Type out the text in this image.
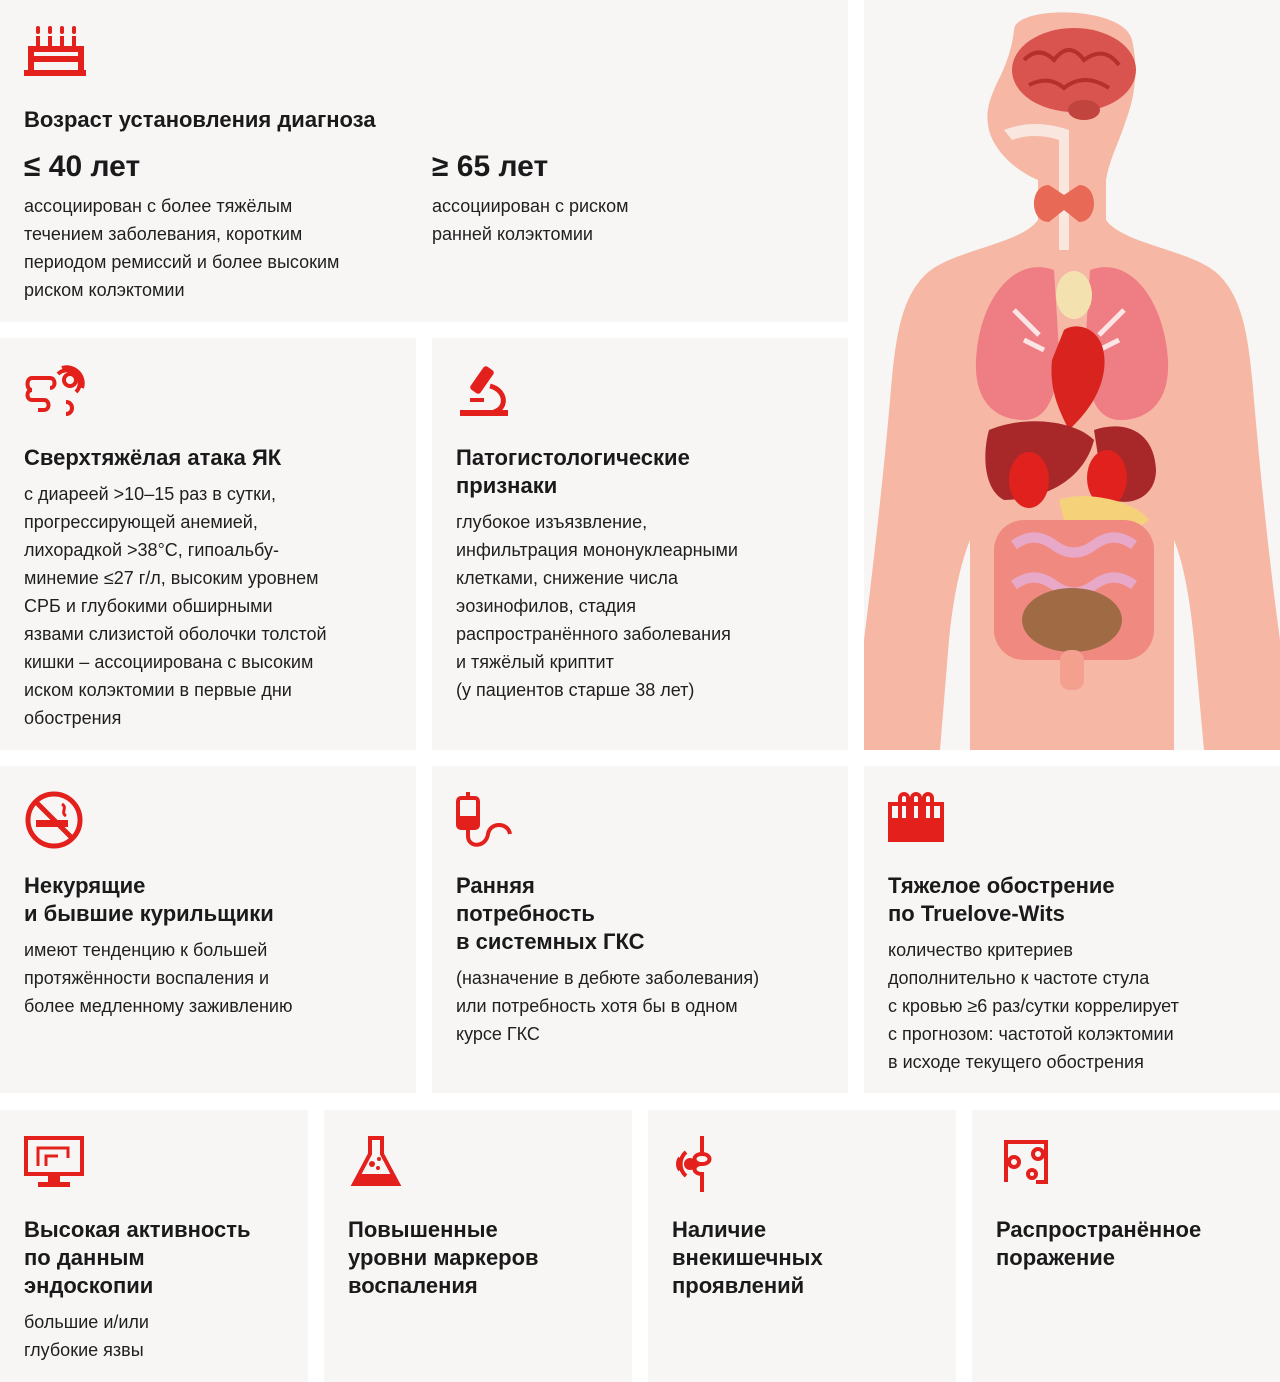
Возраст установления диагноза
≤ 40 лет
ассоциирован с более тяжёлым
течением заболевания, коротким
периодом ремиссий и более высоким
риском колэктомии
≥ 65 лет
ассоциирован с риском
ранней колэктомии
Сверхтяжёлая атака ЯК
с диареей >10–15 раз в сутки,
прогрессирующей анемией,
лихорадкой >38°C, гипоальбу-
минемие ≤27 г/л, высоким уровнем
СРБ и глубокими обширными
язвами слизистой оболочки толстой
кишки – ассоциирована с высоким
иском колэктомии в первые дни
обострения
Патогистологические
признаки
глубокое изъязвление,
инфильтрация мононуклеарными
клетками, снижение числа
эозинофилов, стадия
распространённого заболевания
и тяжёлый криптит
(у пациентов старше 38 лет)
Некурящие
и бывшие курильщики
имеют тенденцию к большей
протяжённости воспаления и
более медленному заживлению
Ранняя
потребность
в системных ГКС
(назначение в дебюте заболевания)
или потребность хотя бы в одном
курсе ГКС
Тяжелое обострение
по Truelove-Wits
количество критериев
дополнительно к частоте стула
с кровью ≥6 раз/сутки коррелирует
с прогнозом: частотой колэктомии
в исходе текущего обострения
Высокая активность
по данным
эндоскопии
большие и/или
глубокие язвы
Повышенные
уровни маркеров
воспаления
Наличие
внекишечных
проявлений
Распространённое
поражение
